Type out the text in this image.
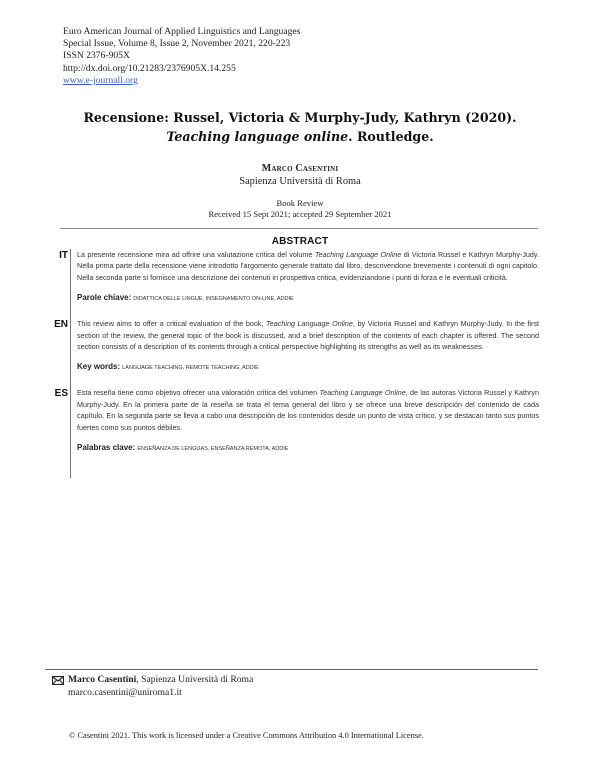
Euro American Journal of Applied Linguistics and Languages
Special Issue, Volume 8, Issue 2, November 2021, 220-223
ISSN 2376-905X
http://dx.doi.org/10.21283/2376905X.14.255
www.e-journall.org
Recensione: Russel, Victoria & Murphy-Judy, Kathryn (2020).
Teaching language online. Routledge.
Marco Casentini
Sapienza Università di Roma
Book Review
Received 15 Sept 2021; accepted 29 September 2021
ABSTRACT
IT La presente recensione mira ad offrire una valutazione critica del volume Teaching Language Online di Victoria Russel e Kathryn Murphy-Judy. Nella prima parte della recensione viene introdotto l'argomento generale trattato dal libro, descrivendone brevemente i contenuti di ogni capitolo. Nella seconda parte si fornisce una descrizione dei contenuti in prospettiva critica, evidenziandone i punti di forza e le eventuali criticità.

Parole chiave: DIDATTICA DELLE LINGUE, INSEGNAMENTO ON-LINE, ADDIE

EN This review aims to offer a critical evaluation of the book, Teaching Language Online, by Victoria Russel and Kathryn Murphy-Judy. In the first section of the review, the general topic of the book is discussed, and a brief description of the contents of each chapter is offered. The second section consists of a description of its contents through a critical perspective highlighting its strengths as well as its weaknesses.

Key words: LANGUAGE TEACHING, REMOTE TEACHING, ADDIE

ES Esta reseña tiene como objetivo ofrecer una valoración crítica del volumen Teaching Language Online, de las autoras Victoria Russel y Kathryn Murphy-Judy. En la primera parte de la reseña se trata el tema general del libro y se ofrece una breve descripción del contenido de cada capítulo. En la segunda parte se lleva a cabo una descripción de los contenidos desde un punto de vista crítico, y se destacan tanto sus puntos fuertes como sus puntos débiles.

Palabras clave: ENSEÑANZA DE LENGUAS, ENSEÑANZA REMOTA, ADDIE

Marco Casentini, Sapienza Università di Roma
marco.casentini@uniroma1.it
© Casentini 2021. This work is licensed under a Creative Commons Attribution 4.0 International License.
